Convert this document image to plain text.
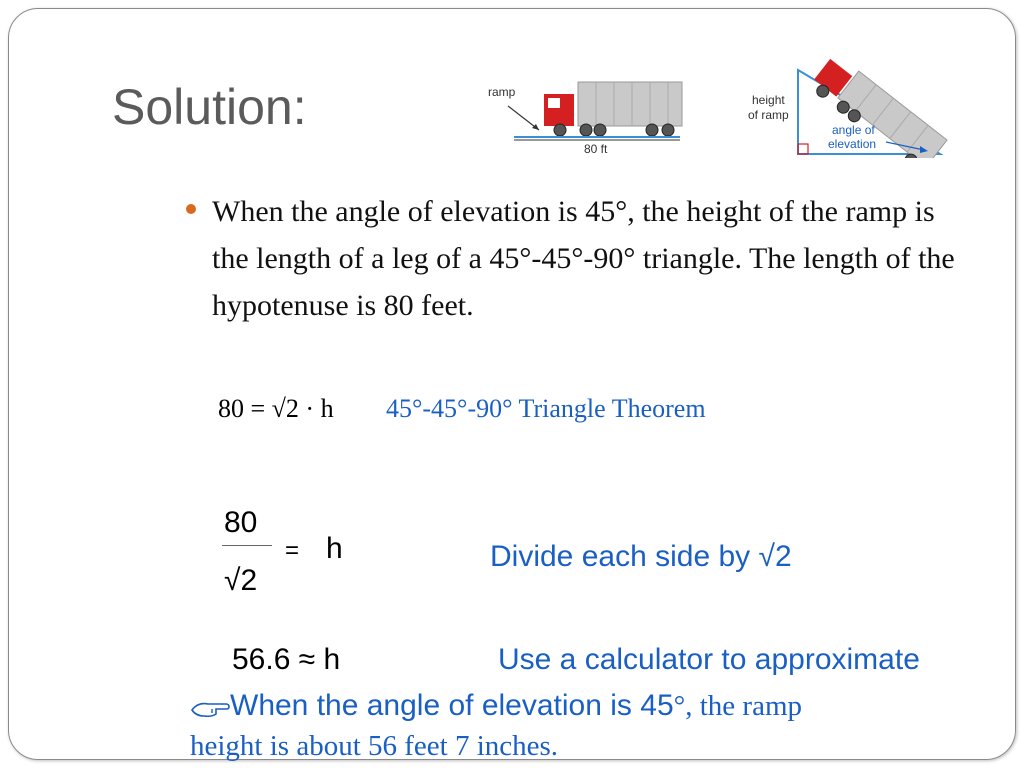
Solution:	ramp
80 ft
height
of ramp
angle of
elevation
When the angle of elevation is 45°, the height of the ramp is the length of a leg of a 45°-45°-90° triangle. The length of the hypotenuse is 80 feet.
80 = √2 · h 45°-45°-90° Triangle Theorem
80
√2
= h	Divide each side by √2
56.6 ≈ h	Use a calculator to approximate
When the angle of elevation is 45°, the ramp
height is about 56 feet 7 inches.
